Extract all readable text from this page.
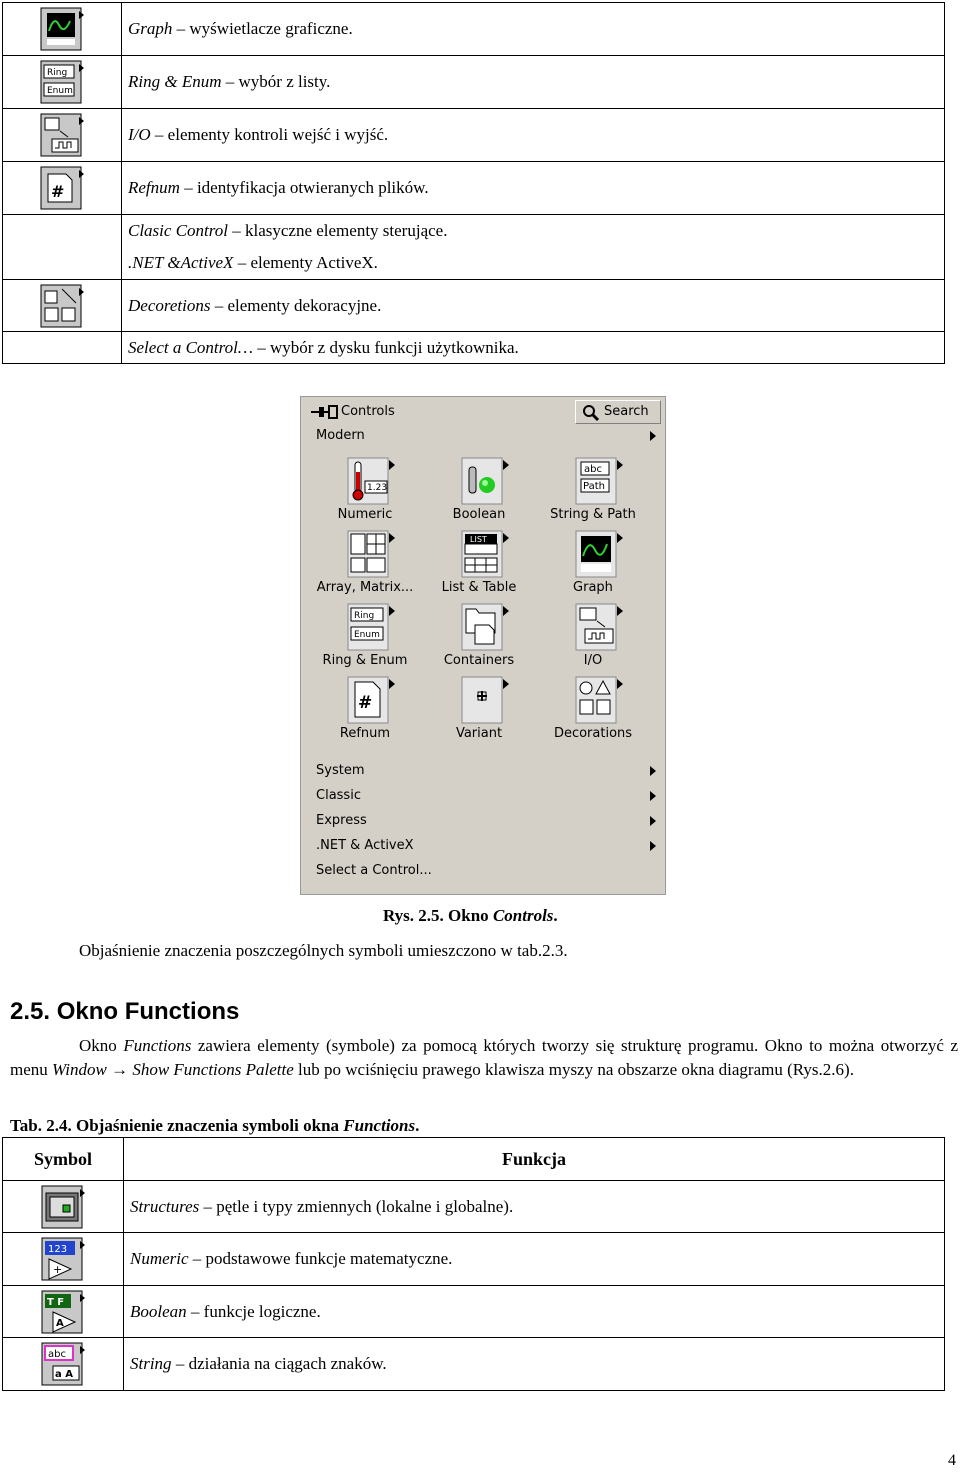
	Graph – wyświetlacze graficzne.

Ring
Enum	Ring & Enum – wybór z listy.

	I/O – elementy kontroli wejść i wyjść.

#	Refnum – identyfikacja otwieranych plików.

	Clasic Control – klasyczne elementy sterujące.
.NET &ActiveX – elementy ActiveX.

	Decoretions – elementy dekoracyjne.
	Select a Control… – wybór z dysku funkcji użytkownika.
Controls	Search
Modern
1.23
Numeric	Boolean
abc
Path
String & Path
Array, Matrix...
LIST
List & Table	Graph
Ring
Enum
Ring & Enum	Containers	I/O
#
Refnum	Variant	Decorations
System
Classic
Express
.NET & ActiveX
Select a Control...
Rys. 2.5. Okno Controls.
Objaśnienie znaczenia poszczególnych symboli umieszczono w tab.2.3.
2.5. Okno Functions
Okno Functions zawiera elementy (symbole) za pomocą których tworzy się strukturę programu. Okno to można otworzyć z menu Window → Show Functions Palette lub po wciśnięciu prawego klawisza myszy na obszarze okna diagramu (Rys.2.6).
Tab. 2.4. Objaśnienie znaczenia symboli okna Functions.
Symbol	Funkcja

	Structures – pętle i typy zmiennych (lokalne i globalne).

123
+	Numeric – podstawowe funkcje matematyczne.

T F
A	Boolean – funkcje logiczne.

abc
a A	String – działania na ciągach znaków.
4
